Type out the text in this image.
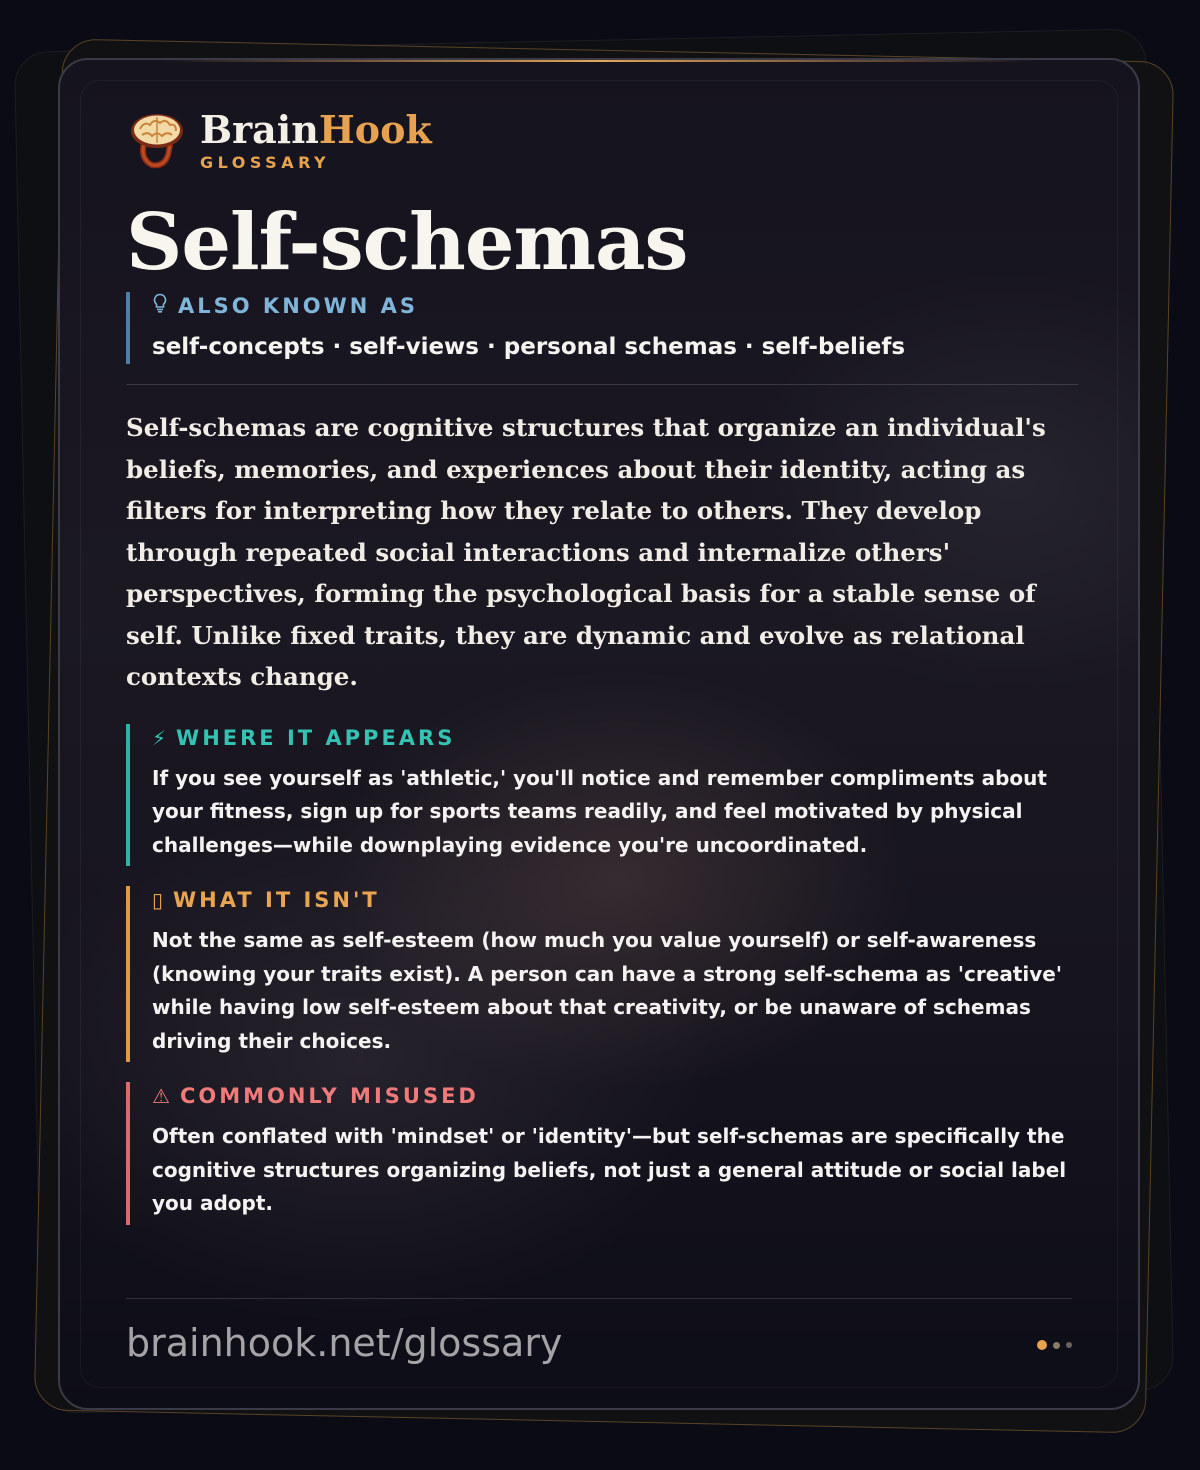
BrainHook
GLOSSARY
Self-schemas
ALSO KNOWN AS
self-concepts · self-views · personal schemas · self-beliefs
Self-schemas are cognitive structures that organize an individual's beliefs, memories, and experiences about their identity, acting as filters for interpreting how they relate to others. They develop through repeated social interactions and internalize others' perspectives, forming the psychological basis for a stable sense of self. Unlike fixed traits, they are dynamic and evolve as relational contexts change.
⚡ WHERE IT APPEARS
If you see yourself as 'athletic,' you'll notice and remember compliments about your fitness, sign up for sports teams readily, and feel motivated by physical challenges—while downplaying evidence you're uncoordinated.
▯ WHAT IT ISN'T
Not the same as self-esteem (how much you value yourself) or self-awareness (knowing your traits exist). A person can have a strong self-schema as 'creative' while having low self-esteem about that creativity, or be unaware of schemas driving their choices.
⚠ COMMONLY MISUSED
Often conflated with 'mindset' or 'identity'—but self-schemas are specifically the cognitive structures organizing beliefs, not just a general attitude or social label you adopt.
brainhook.net/glossary
